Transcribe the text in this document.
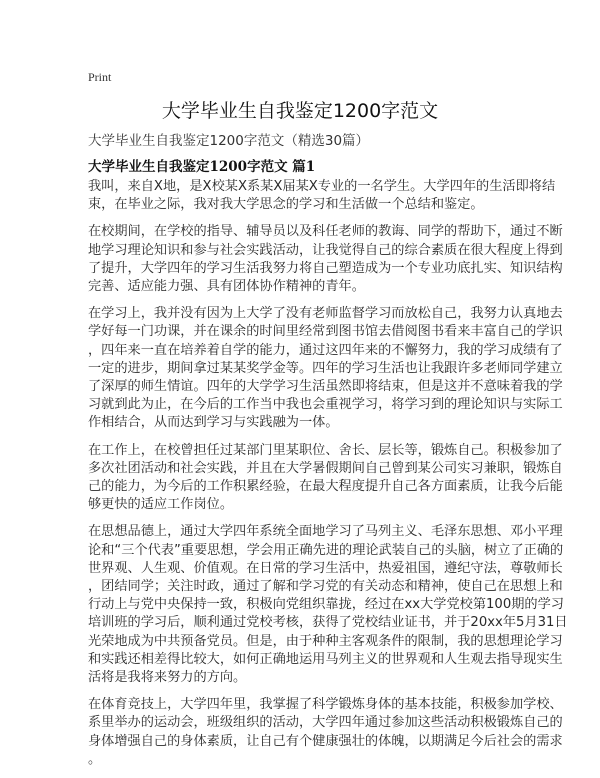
Print
大学毕业生自我鉴定1200字范文
大学毕业生自我鉴定1200字范文（精选30篇）
大学毕业生自我鉴定1200字范文 篇1

我叫，来自X地，是X校某X系某X届某X专业的一名学生。大学四年的生活即将结
束，在毕业之际，我对我大学思念的学习和生活做一个总结和鉴定。

在校期间，在学校的指导、辅导员以及科任老师的教诲、同学的帮助下，通过不断
地学习理论知识和参与社会实践活动，让我觉得自己的综合素质在很大程度上得到
了提升，大学四年的学习生活我努力将自己塑造成为一个专业功底扎实、知识结构
完善、适应能力强、具有团体协作精神的青年。

在学习上，我并没有因为上大学了没有老师监督学习而放松自己，我努力认真地去
学好每一门功课，并在课余的时间里经常到图书馆去借阅图书看来丰富自己的学识
，四年来一直在培养着自学的能力，通过这四年来的不懈努力，我的学习成绩有了
一定的进步，期间拿过某某奖学金等。四年的学习生活也让我跟许多老师同学建立
了深厚的师生情谊。四年的大学学习生活虽然即将结束，但是这并不意味着我的学
习就到此为止，在今后的工作当中我也会重视学习，将学习到的理论知识与实际工
作相结合，从而达到学习与实践融为一体。

在工作上，在校曾担任过某部门里某职位、舍长、层长等，锻炼自己。积极参加了
多次社团活动和社会实践，并且在大学暑假期间自己曾到某公司实习兼职，锻炼自
己的能力，为今后的工作积累经验，在最大程度提升自己各方面素质，让我今后能
够更快的适应工作岗位。

在思想品德上，通过大学四年系统全面地学习了马列主义、毛泽东思想、邓小平理
论和“三个代表”重要思想，学会用正确先进的理论武装自己的头脑，树立了正确的
世界观、人生观、价值观。在日常的学习生活中，热爱祖国，遵纪守法，尊敬师长
，团结同学；关注时政，通过了解和学习党的有关动态和精神，使自己在思想上和
行动上与党中央保持一致，积极向党组织靠拢，经过在xx大学党校第100期的学习
培训班的学习后，顺利通过党校考核，获得了党校结业证书，并于20xx年5月31日
光荣地成为中共预备党员。但是，由于种种主客观条件的限制，我的思想理论学习
和实践还相差得比较大，如何正确地运用马列主义的世界观和人生观去指导现实生
活将是我将来努力的方向。

在体育竞技上，大学四年里，我掌握了科学锻炼身体的基本技能，积极参加学校、
系里举办的运动会，班级组织的活动，大学四年通过参加这些活动积极锻炼自己的
身体增强自己的身体素质，让自己有个健康强壮的体魄，以期满足今后社会的需求
。
